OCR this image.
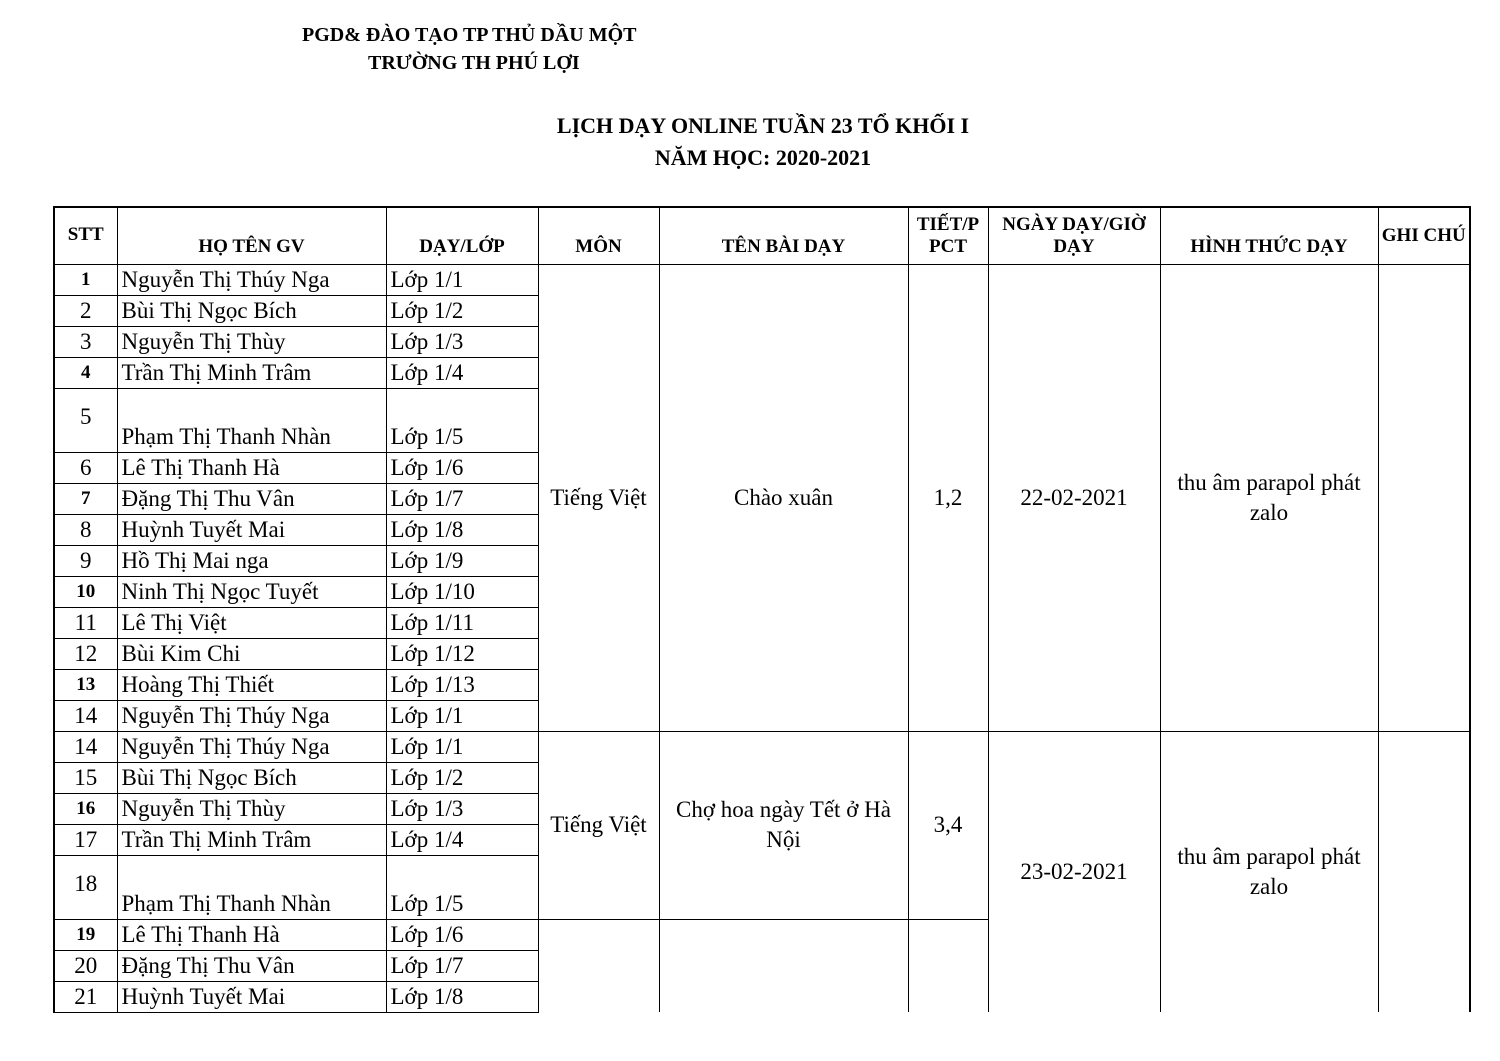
PGD& ĐÀO TẠO TP THỦ DẦU MỘT
TRƯỜNG TH PHÚ LỢI
LỊCH DẠY ONLINE TUẦN 23 TỔ KHỐI I
NĂM HỌC: 2020-2021
STT	HỌ TÊN GV	DẠY/LỚP	MÔN	TÊN BÀI DẠY	TIẾT/P PCT	NGÀY DẠY/GIỜ DẠY	HÌNH THỨC DẠY	GHI CHÚ
1	Nguyễn Thị Thúy Nga	Lớp 1/1	Tiếng Việt	Chào xuân	1,2	22-02-2021	thu âm parapol phát zalo	
2	Bùi Thị Ngọc Bích	Lớp 1/2						
3	Nguyễn Thị Thùy	Lớp 1/3						
4	Trần Thị Minh Trâm	Lớp 1/4						
5	Phạm Thị Thanh Nhàn	Lớp 1/5						
6	Lê Thị Thanh Hà	Lớp 1/6						
7	Đặng Thị Thu Vân	Lớp 1/7						
8	Huỳnh Tuyết Mai	Lớp 1/8						
9	Hồ Thị Mai nga	Lớp 1/9						
10	Ninh Thị Ngọc Tuyết	Lớp 1/10						
11	Lê Thị Việt	Lớp 1/11						
12	Bùi Kim Chi	Lớp 1/12						
13	Hoàng Thị Thiết	Lớp 1/13						
14	Nguyễn Thị Thúy Nga	Lớp 1/1						
14	Nguyễn Thị Thúy Nga	Lớp 1/1	Tiếng Việt	Chợ hoa ngày Tết ở Hà Nội	3,4	23-02-2021	thu âm parapol phát zalo	
15	Bùi Thị Ngọc Bích	Lớp 1/2						
16	Nguyễn Thị Thùy	Lớp 1/3						
17	Trần Thị Minh Trâm	Lớp 1/4						
18	Phạm Thị Thanh Nhàn	Lớp 1/5						
19	Lê Thị Thanh Hà	Lớp 1/6						
20	Đặng Thị Thu Vân	Lớp 1/7						
21	Huỳnh Tuyết Mai	Lớp 1/8						
